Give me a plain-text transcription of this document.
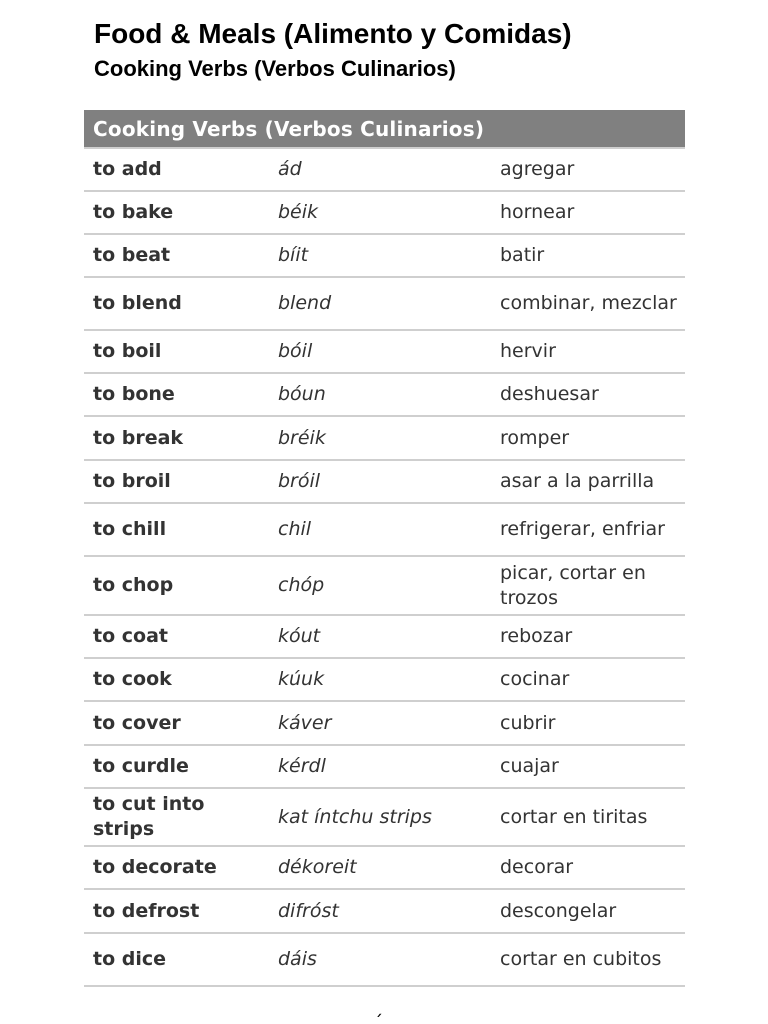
Food & Meals (Alimento y Comidas)
Cooking Verbs (Verbos Culinarios)
Cooking Verbs (Verbos Culinarios)		
to add	ád	agregar
to bake	béik	hornear
to beat	bíit	batir
to blend	blend	combinar, mezclar
to boil	bóil	hervir
to bone	bóun	deshuesar
to break	bréik	romper
to broil	bróil	asar a la parrilla
to chill	chil	refrigerar, enfriar
to chop	chóp	picar, cortar en trozos
to coat	kóut	rebozar
to cook	kúuk	cocinar
to cover	káver	cubrir
to curdle	kérdl	cuajar
to cut into strips	kat íntchu strips	cortar en tiritas
to decorate	dékoreit	decorar
to defrost	difróst	descongelar
to dice	dáis	cortar en cubitos
´
